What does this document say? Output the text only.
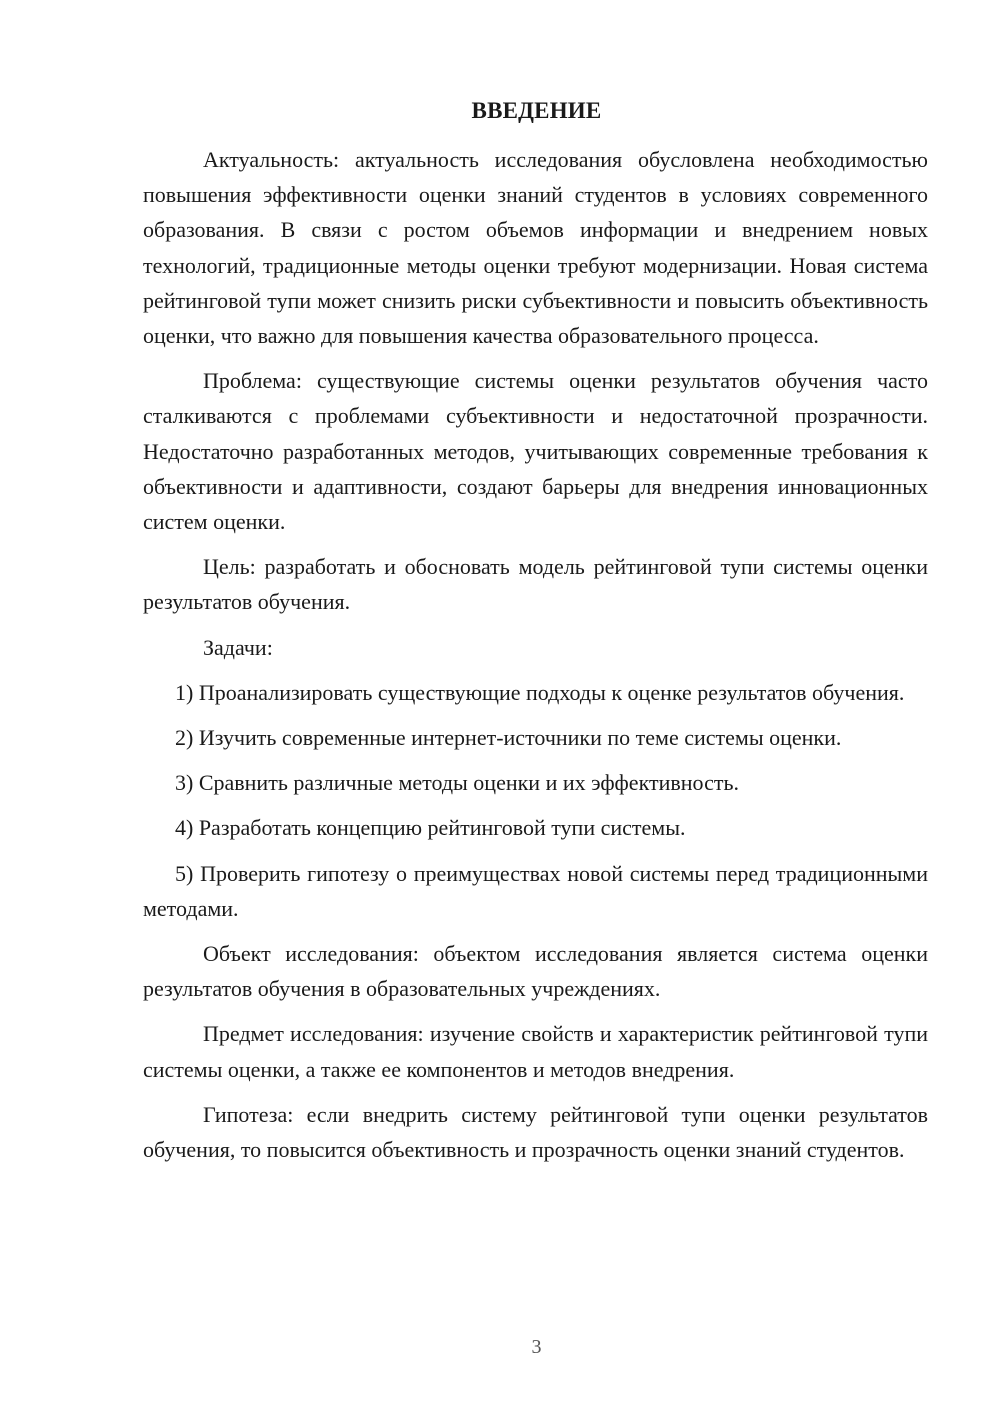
ВВЕДЕНИЕ

Актуальность: актуальность исследования обусловлена необходимостью повышения эффективности оценки знаний студентов в условиях современного образования. В связи с ростом объемов информации и внедрением новых технологий, традиционные методы оценки требуют модернизации. Новая система рейтинговой тупи может снизить риски субъективности и повысить объективность оценки, что важно для повышения качества образовательного процесса.

Проблема: существующие системы оценки результатов обучения часто сталкиваются с проблемами субъективности и недостаточной прозрачности. Недостаточно разработанных методов, учитывающих современные требования к объективности и адаптивности, создают барьеры для внедрения инновационных систем оценки.

Цель: разработать и обосновать модель рейтинговой тупи системы оценки результатов обучения.

Задачи:

1) Проанализировать существующие подходы к оценке результатов обучения.

2) Изучить современные интернет-источники по теме системы оценки.

3) Сравнить различные методы оценки и их эффективность.

4) Разработать концепцию рейтинговой тупи системы.

5) Проверить гипотезу о преимуществах новой системы перед традиционными методами.

Объект исследования: объектом исследования является система оценки результатов обучения в образовательных учреждениях.

Предмет исследования: изучение свойств и характеристик рейтинговой тупи системы оценки, а также ее компонентов и методов внедрения.

Гипотеза: если внедрить систему рейтинговой тупи оценки результатов обучения, то повысится объективность и прозрачность оценки знаний студентов.

3
